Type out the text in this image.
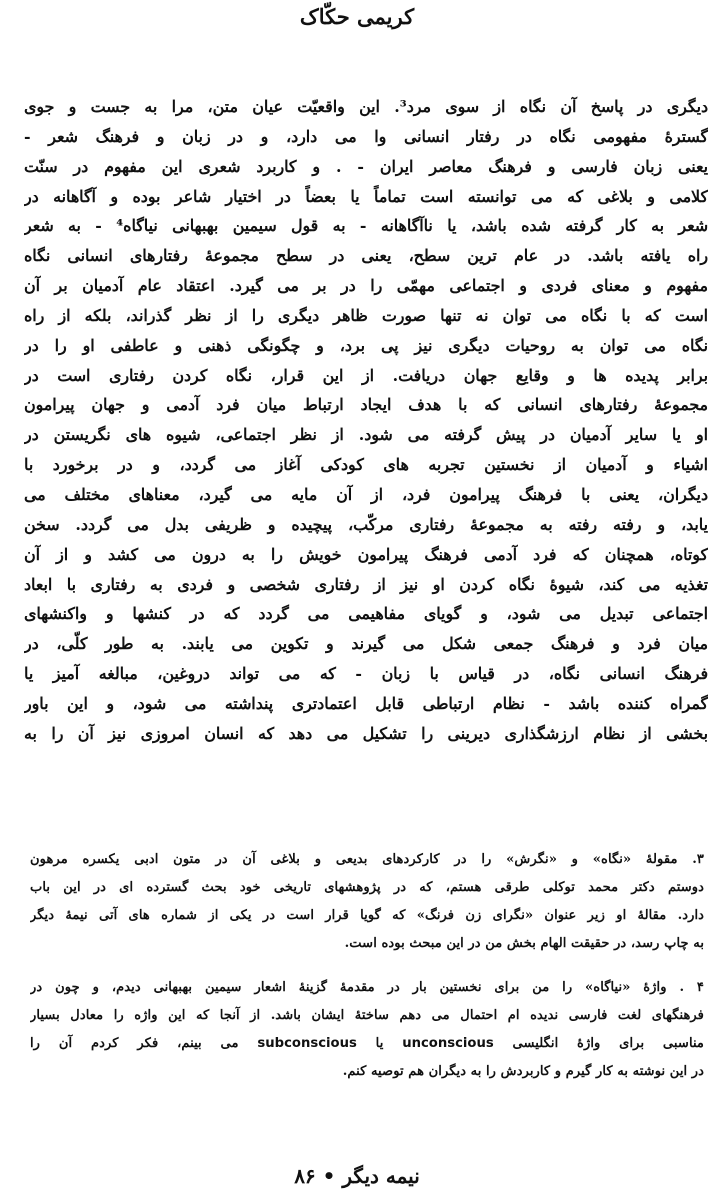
کریمی حکّاک
دیگری در پاسخ آن نگاه از سوی مرد³. این واقعیّت عیان متن، مرا به جست و جوی
گسترهٔ مفهومی نگاه در رفتار انسانی وا می دارد، و در زبان و فرهنگ شعر -
یعنی زبان فارسی و فرهنگ معاصر ایران - . و کاربرد شعری این مفهوم در سنّت
کلامی و بلاغی که می توانسته است تماماً یا بعضاً در اختیار شاعر بوده و آگاهانه در
شعر به کار گرفته شده باشد، یا ناآگاهانه - به قول سیمین بهبهانی نیاگاه⁴ - به شعر
راه یافته باشد. در عام ترین سطح، یعنی در سطح مجموعهٔ رفتارهای انسانی نگاه
مفهوم و معنای فردی و اجتماعی مهمّی را در بر می گیرد. اعتقاد عام آدمیان بر آن
است که با نگاه می توان نه تنها صورت ظاهر دیگری را از نظر گذراند، بلکه از راه
نگاه می توان به روحیات دیگری نیز پی برد، و چگونگی ذهنی و عاطفی او را در
برابر پدیده ها و وقایع جهان دریافت. از این قرار، نگاه کردن رفتاری است در
مجموعهٔ رفتارهای انسانی که با هدف ایجاد ارتباط میان فرد آدمی و جهان پیرامون
او یا سایر آدمیان در پیش گرفته می شود. از نظر اجتماعی، شیوه های نگریستن در
اشیاء و آدمیان از نخستین تجربه های کودکی آغاز می گردد، و در برخورد با
دیگران، یعنی با فرهنگ پیرامون فرد، از آن مایه می گیرد، معناهای مختلف می
یابد، و رفته رفته به مجموعهٔ رفتاری مرکّب، پیچیده و ظریفی بدل می گردد. سخن
کوتاه، همچنان که فرد آدمی فرهنگ پیرامون خویش را به درون می کشد و از آن
تغذیه می کند، شیوهٔ نگاه کردن او نیز از رفتاری شخصی و فردی به رفتاری با ابعاد
اجتماعی تبدیل می شود، و گویای مفاهیمی می گردد که در کنشها و واکنشهای
میان فرد و فرهنگ جمعی شکل می گیرند و تکوین می یابند. به طور کلّی، در
فرهنگ انسانی نگاه، در قیاس با زبان - که می تواند دروغین، مبالغه آمیز یا
گمراه کننده باشد - نظام ارتباطی قابل اعتمادتری پنداشته می شود، و این باور
بخشی از نظام ارزشگذاری دیرینی را تشکیل می دهد که انسان امروزی نیز آن را به
۳. مقولهٔ «نگاه» و «نگرش» را در کارکردهای بدیعی و بلاغی آن در متون ادبی یکسره مرهون
دوستم دکتر محمد توکلی طرقی هستم، که در پژوهشهای تاریخی خود بحث گسترده ای در این باب
دارد. مقالهٔ او زیر عنوان «نگرای زن فرنگ» که گویا قرار است در یکی از شماره های آتی نیمهٔ دیگر
به چاپ رسد، در حقیقت الهام بخش من در این مبحث بوده است.
۴ . واژهٔ «نیاگاه» را من برای نخستین بار در مقدمهٔ گزینهٔ اشعار سیمین بهبهانی دیدم، و چون در
فرهنگهای لغت فارسی ندیده ام احتمال می دهم ساختهٔ ایشان باشد. از آنجا که این واژه را معادل بسیار
مناسبی برای واژهٔ انگلیسی unconscious یا subconscious می بینم، فکر کردم آن را
در این نوشته به کار گیرم و کاربردش را به دیگران هم توصیه کنم.
نیمه دیگر • ۸۶
